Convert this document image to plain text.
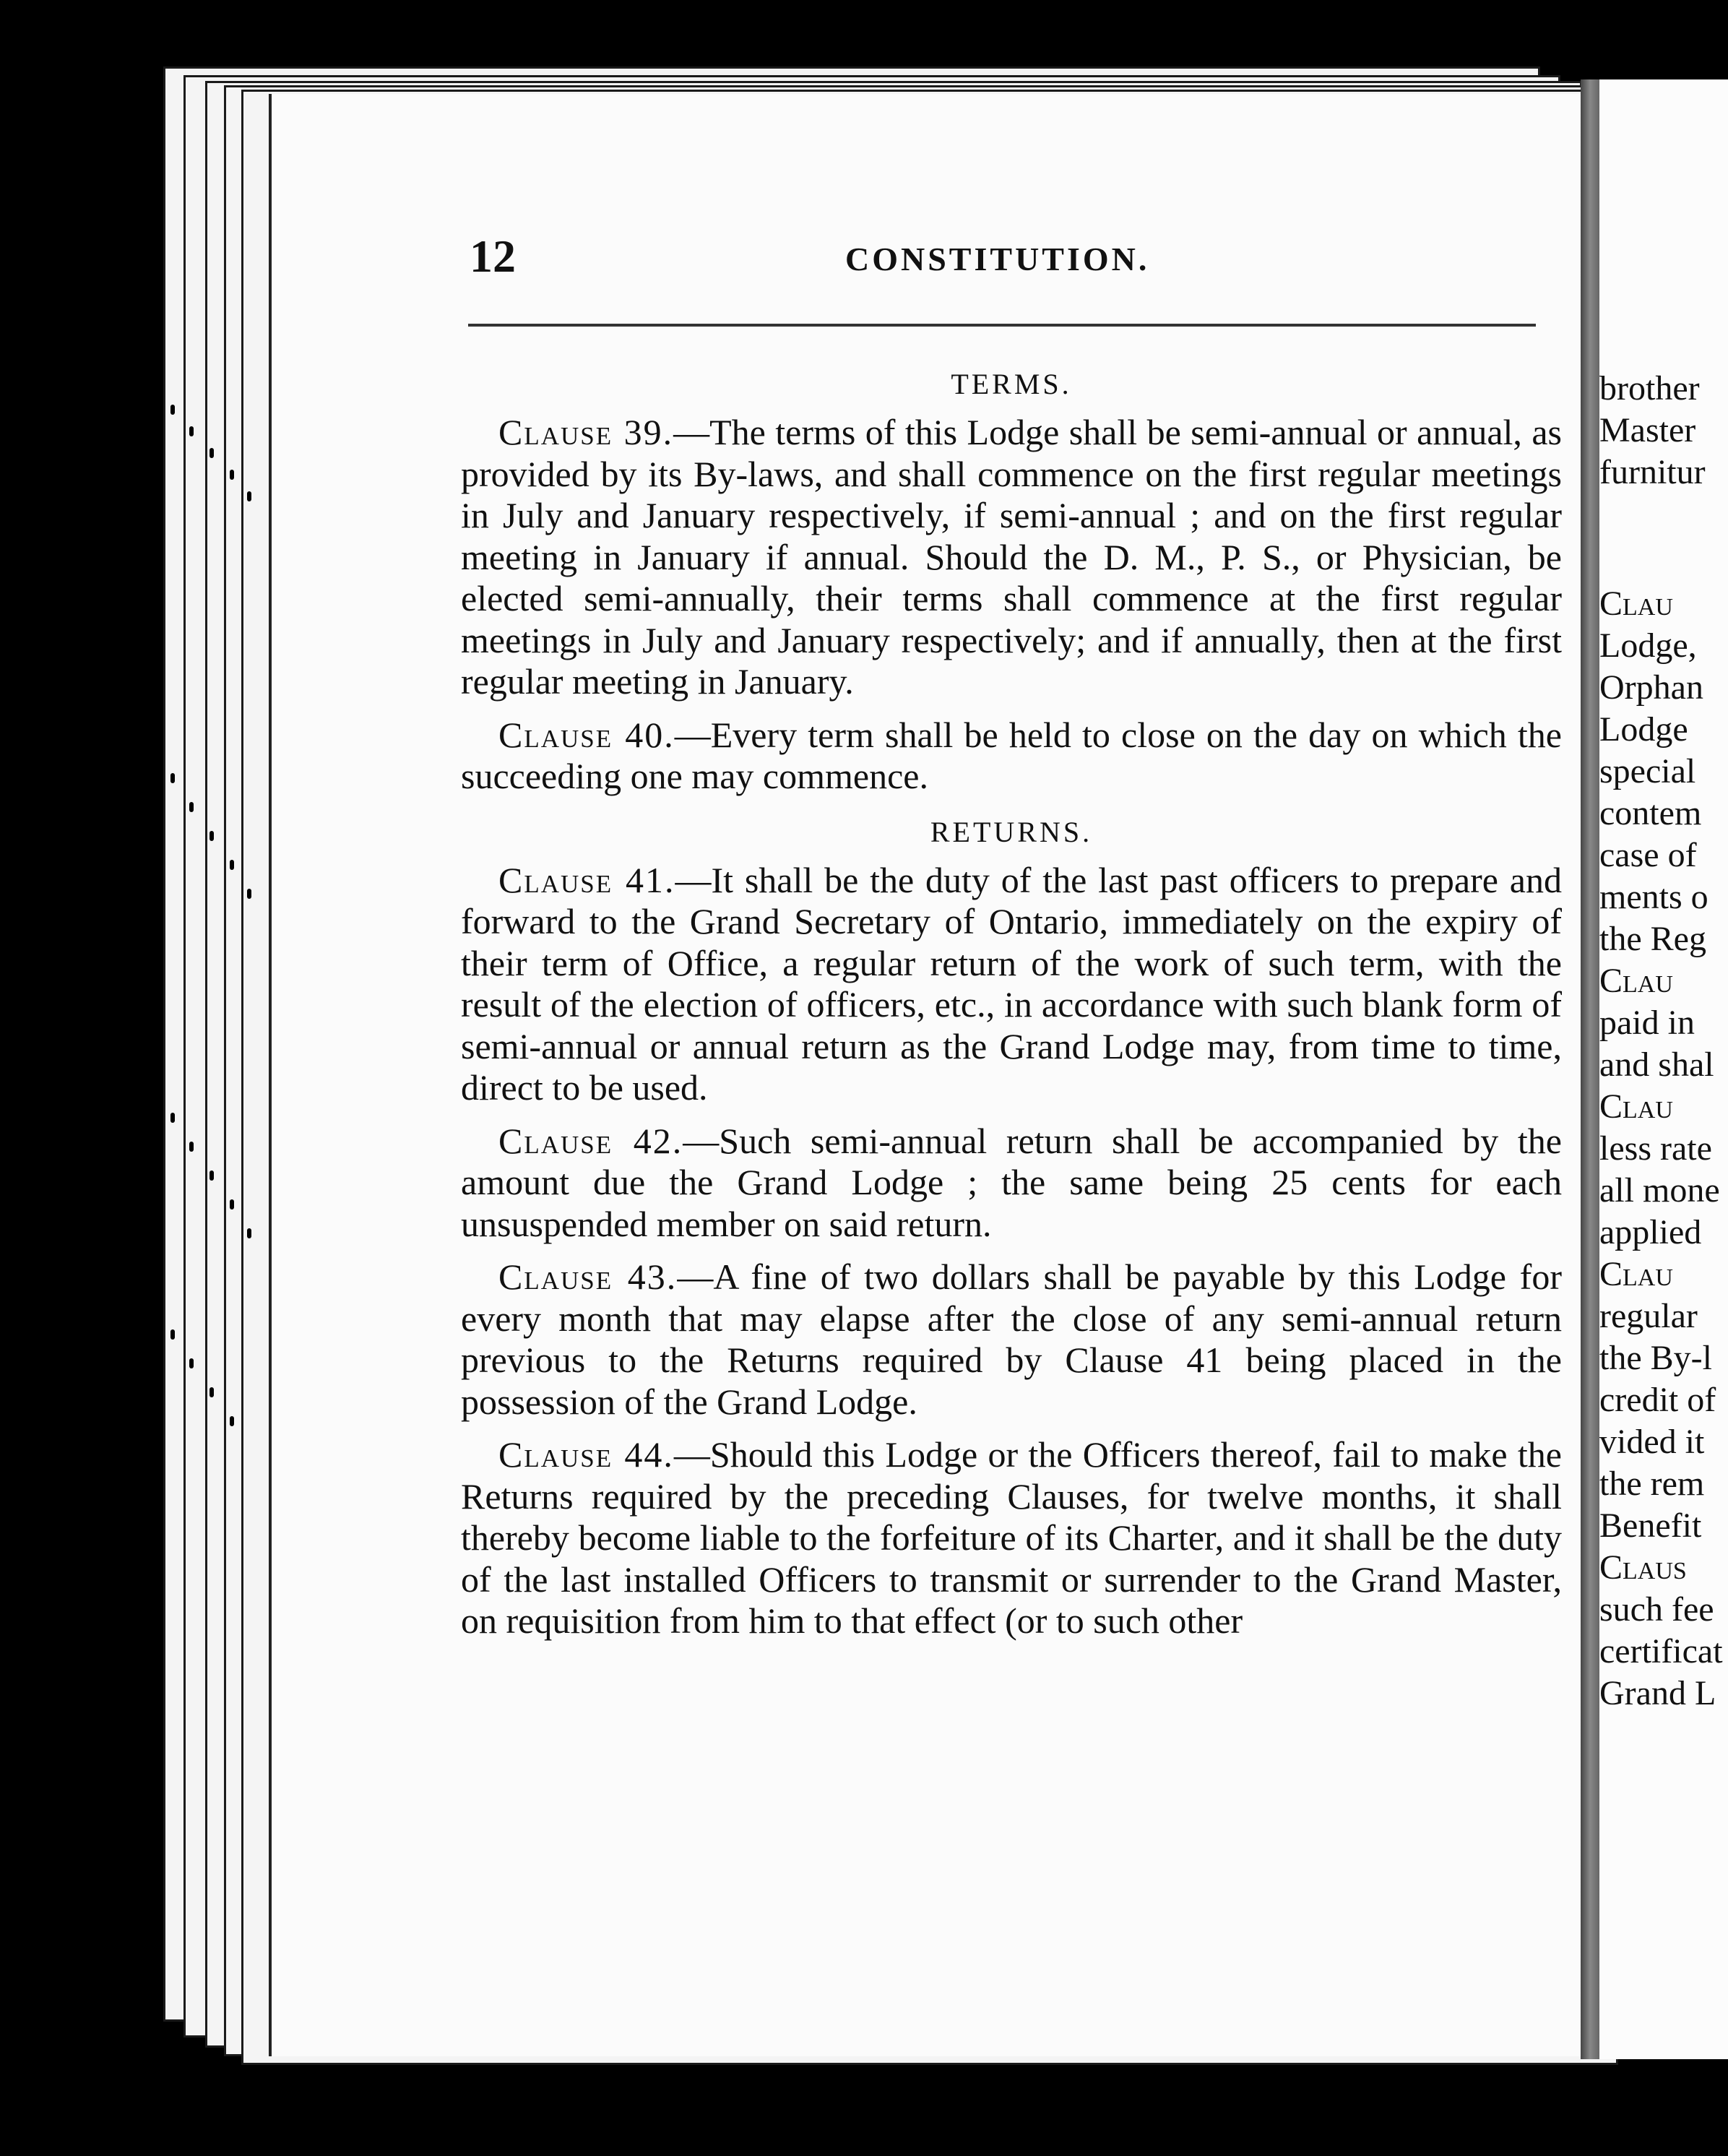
12	CONSTITUTION.
TERMS.

Clause 39.—The terms of this Lodge shall be semi-annual or annual, as provided by its By-laws, and shall commence on the first regular meetings in July and January respectively, if semi-annual ; and on the first regular meeting in January if annual. Should the D. M., P. S., or Physician, be elected semi-annually, their terms shall commence at the first regular meetings in July and January respectively; and if annually, then at the first regular meeting in January.

Clause 40.—Every term shall be held to close on the day on which the succeeding one may commence.

RETURNS.

Clause 41.—It shall be the duty of the last past officers to prepare and forward to the Grand Secretary of Ontario, immediately on the expiry of their term of Office, a regular return of the work of such term, with the result of the election of officers, etc., in accordance with such blank form of semi-annual or annual return as the Grand Lodge may, from time to time, direct to be used.

Clause 42.—Such semi-annual return shall be accompanied by the amount due the Grand Lodge ; the same being 25 cents for each unsuspended member on said return.

Clause 43.—A fine of two dollars shall be payable by this Lodge for every month that may elapse after the close of any semi-annual return previous to the Returns required by Clause 41 being placed in the possession of the Grand Lodge.

Clause 44.—Should this Lodge or the Officers thereof, fail to make the Returns required by the preceding Clauses, for twelve months, it shall thereby become liable to the forfeiture of its Charter, and it shall be the duty of the last installed Officers to transmit or surrender to the Grand Master, on requisition from him to that effect (or to such other

brother
Master
furnitur
Clau
Lodge,
Orphan
Lodge
special
contem
case of
ments o
the Reg
Clau
paid in
and shal
Clau
less rate
all mone
applied
Clau
regular
the By-l
credit of
vided it
the rem
Benefit
Claus
such fee
certificat
Grand L
